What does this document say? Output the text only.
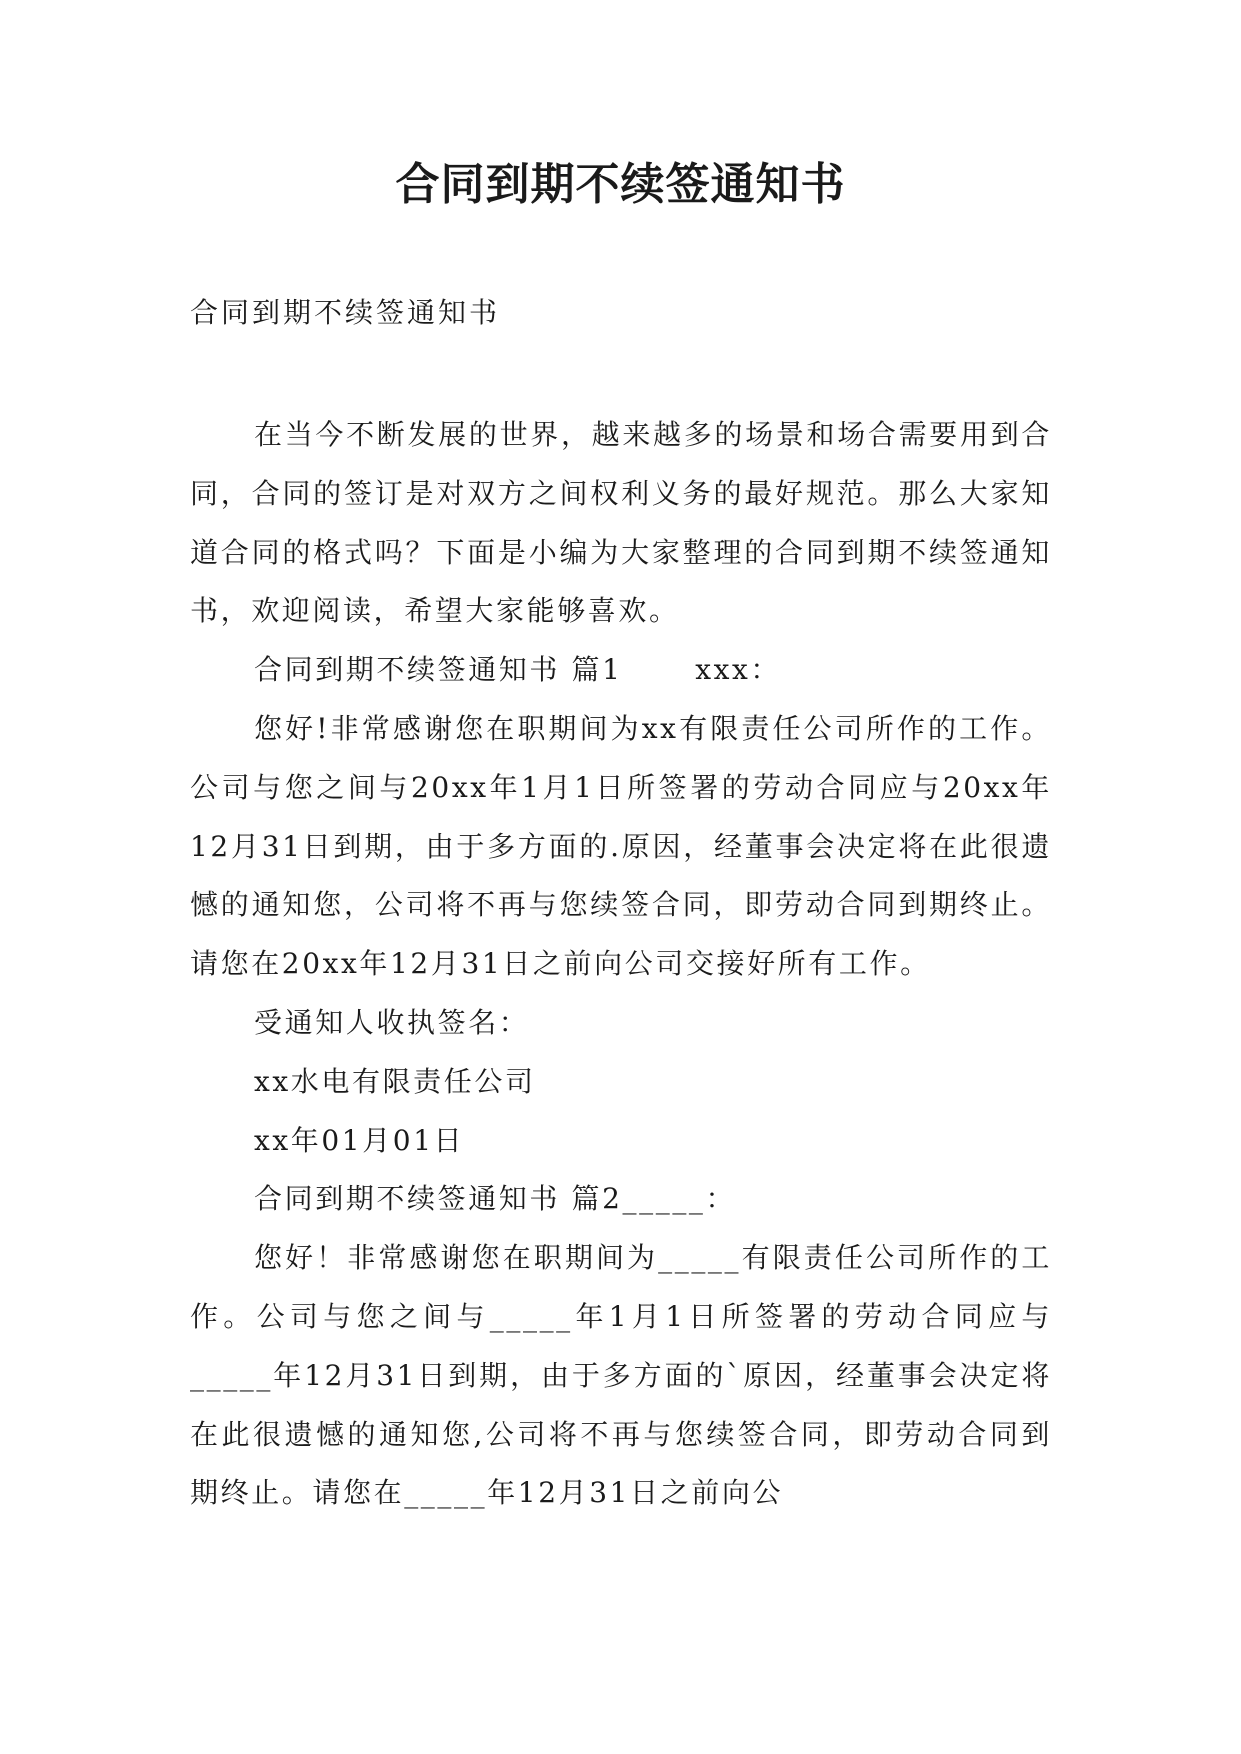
合同到期不续签通知书

合同到期不续签通知书

在当今不断发展的世界，越来越多的场景和场合需要用到合同，合同的签订是对双方之间权利义务的最好规范。那么大家知道合同的格式吗？下面是小编为大家整理的合同到期不续签通知书，欢迎阅读，希望大家能够喜欢。

合同到期不续签通知书 篇1 　　xxx：

您好!非常感谢您在职期间为xx有限责任公司所作的工作。公司与您之间与20xx年1月1日所签署的劳动合同应与20xx年12月31日到期，由于多方面的.原因，经董事会决定将在此很遗憾的通知您，公司将不再与您续签合同，即劳动合同到期终止。请您在20xx年12月31日之前向公司交接好所有工作。

受通知人收执签名：

xx水电有限责任公司

xx年01月01日

合同到期不续签通知书 篇2_____：

您好！非常感谢您在职期间为_____有限责任公司所作的工作。公司与您之间与_____年1月1日所签署的劳动合同应与_____年12月31日到期，由于多方面的`原因，经董事会决定将在此很遗憾的通知您,公司将不再与您续签合同，即劳动合同到期终止。请您在_____年12月31日之前向公
